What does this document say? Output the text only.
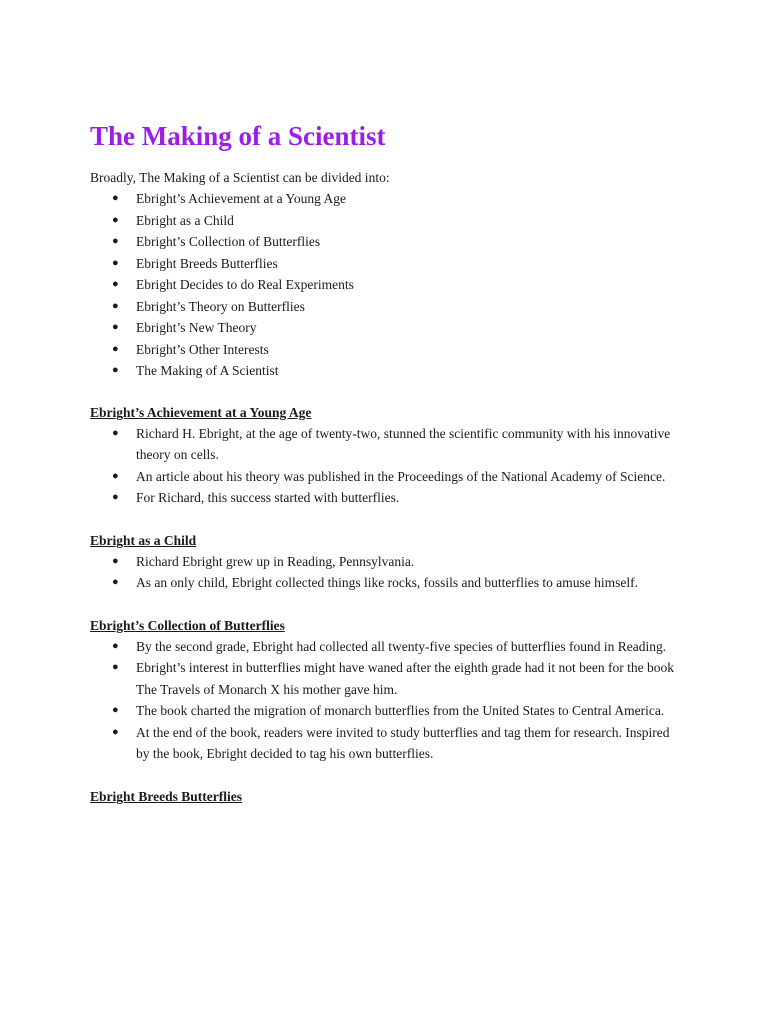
The Making of a Scientist

Broadly, The Making of a Scientist can be divided into:

● Ebright’s Achievement at a Young Age
● Ebright as a Child
● Ebright’s Collection of Butterflies
● Ebright Breeds Butterflies
● Ebright Decides to do Real Experiments
● Ebright’s Theory on Butterflies
● Ebright’s New Theory
● Ebright’s Other Interests
● The Making of A Scientist
Ebright’s Achievement at a Young Age
● Richard H. Ebright, at the age of twenty-two, stunned the scientific community with his innovative theory on cells.
● An article about his theory was published in the Proceedings of the National Academy of Science.
● For Richard, this success started with butterflies.
Ebright as a Child
● Richard Ebright grew up in Reading, Pennsylvania.
● As an only child, Ebright collected things like rocks, fossils and butterflies to amuse himself.
Ebright’s Collection of Butterflies
● By the second grade, Ebright had collected all twenty-five species of butterflies found in Reading.
● Ebright’s interest in butterflies might have waned after the eighth grade had it not been for the book The Travels of Monarch X his mother gave him.
● The book charted the migration of monarch butterflies from the United States to Central America.
● At the end of the book, readers were invited to study butterflies and tag them for research. Inspired by the book, Ebright decided to tag his own butterflies.
Ebright Breeds Butterflies
